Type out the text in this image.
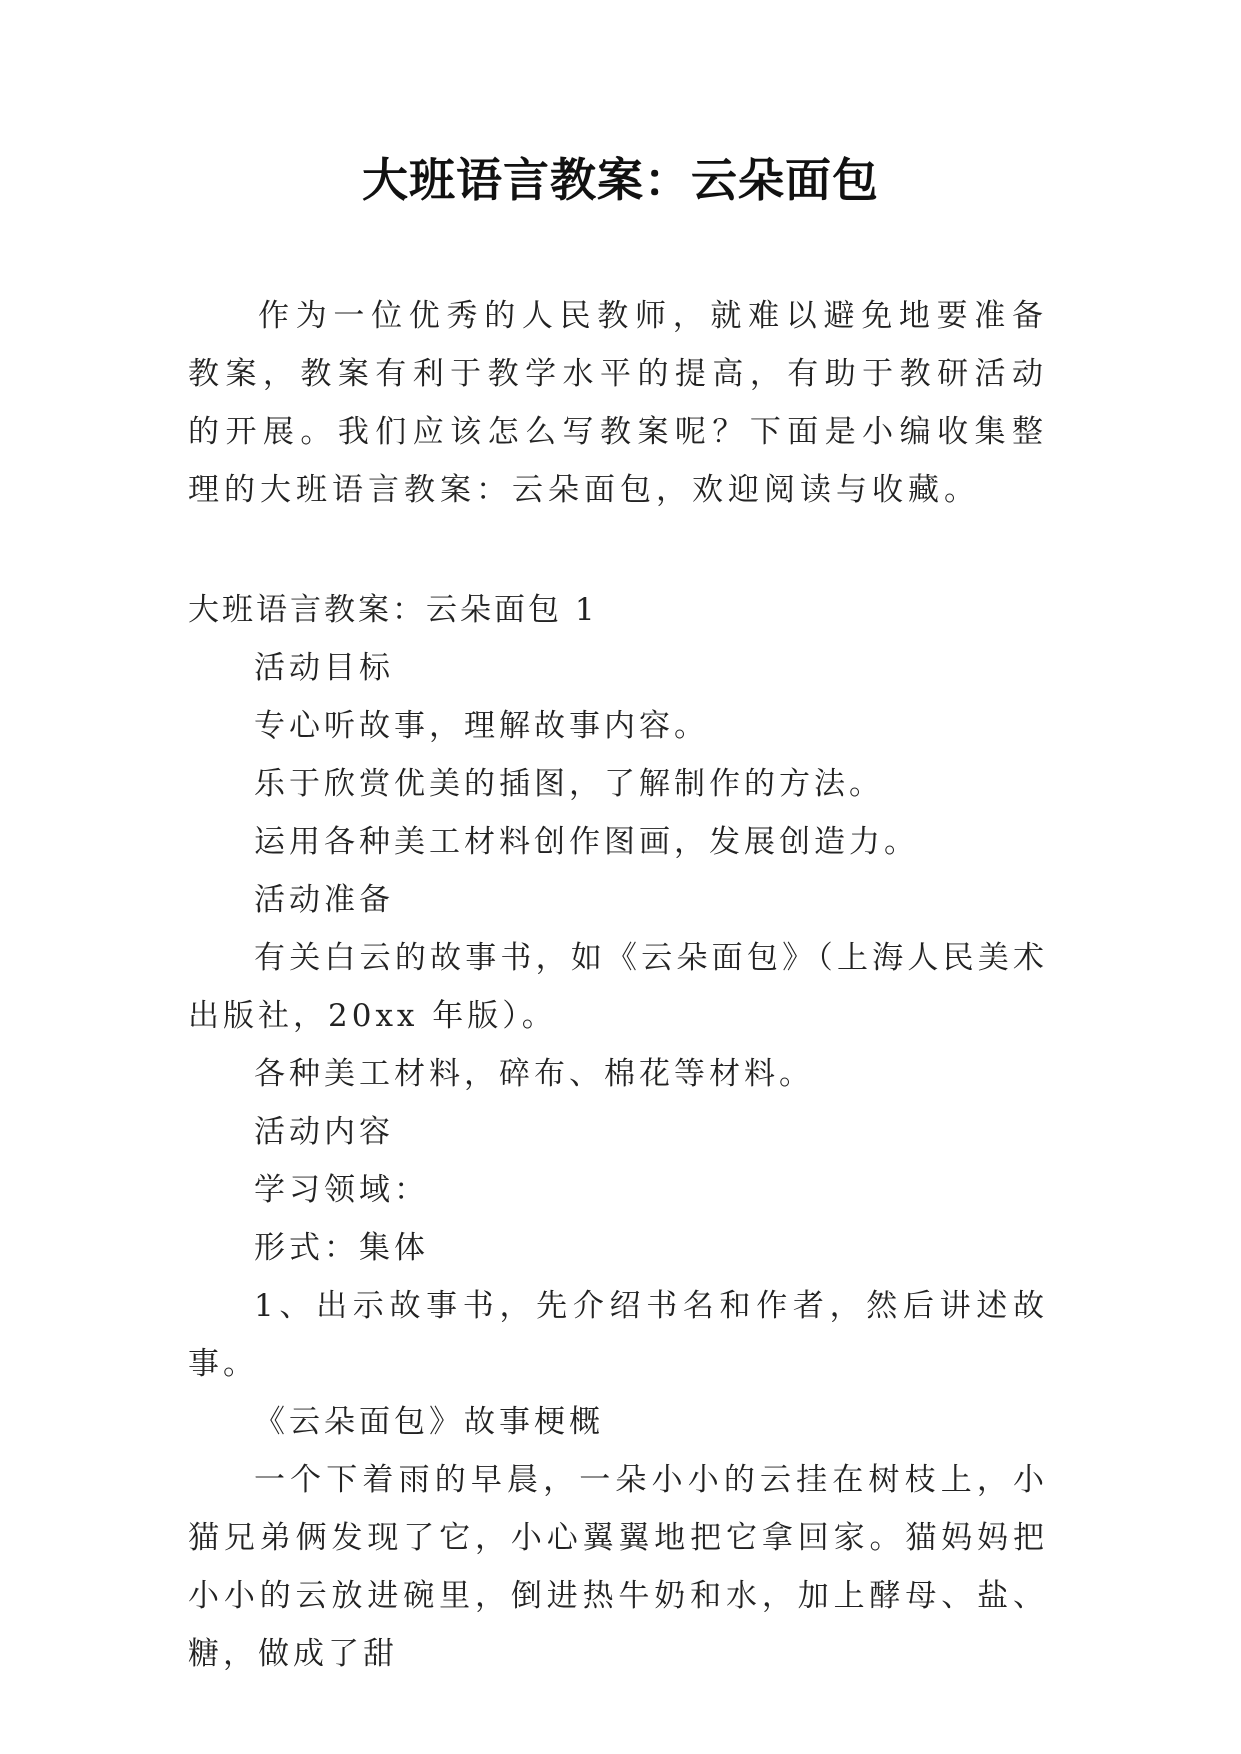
大班语言教案：云朵面包

作为一位优秀的人民教师，就难以避免地要准备教案，教案有利于教学水平的提高，有助于教研活动的开展。我们应该怎么写教案呢？下面是小编收集整理的大班语言教案：云朵面包，欢迎阅读与收藏。

大班语言教案：云朵面包 1

活动目标

专心听故事，理解故事内容。

乐于欣赏优美的插图，了解制作的方法。

运用各种美工材料创作图画，发展创造力。

活动准备

有关白云的故事书，如《云朵面包》（上海人民美术出版社，20xx 年版）。

各种美工材料，碎布、棉花等材料。

活动内容

学习领域：

形式：集体

1、出示故事书，先介绍书名和作者，然后讲述故事。

《云朵面包》故事梗概

一个下着雨的早晨，一朵小小的云挂在树枝上，小猫兄弟俩发现了它，小心翼翼地把它拿回家。猫妈妈把小小的云放进碗里，倒进热牛奶和水，加上酵母、盐、糖，做成了甜
